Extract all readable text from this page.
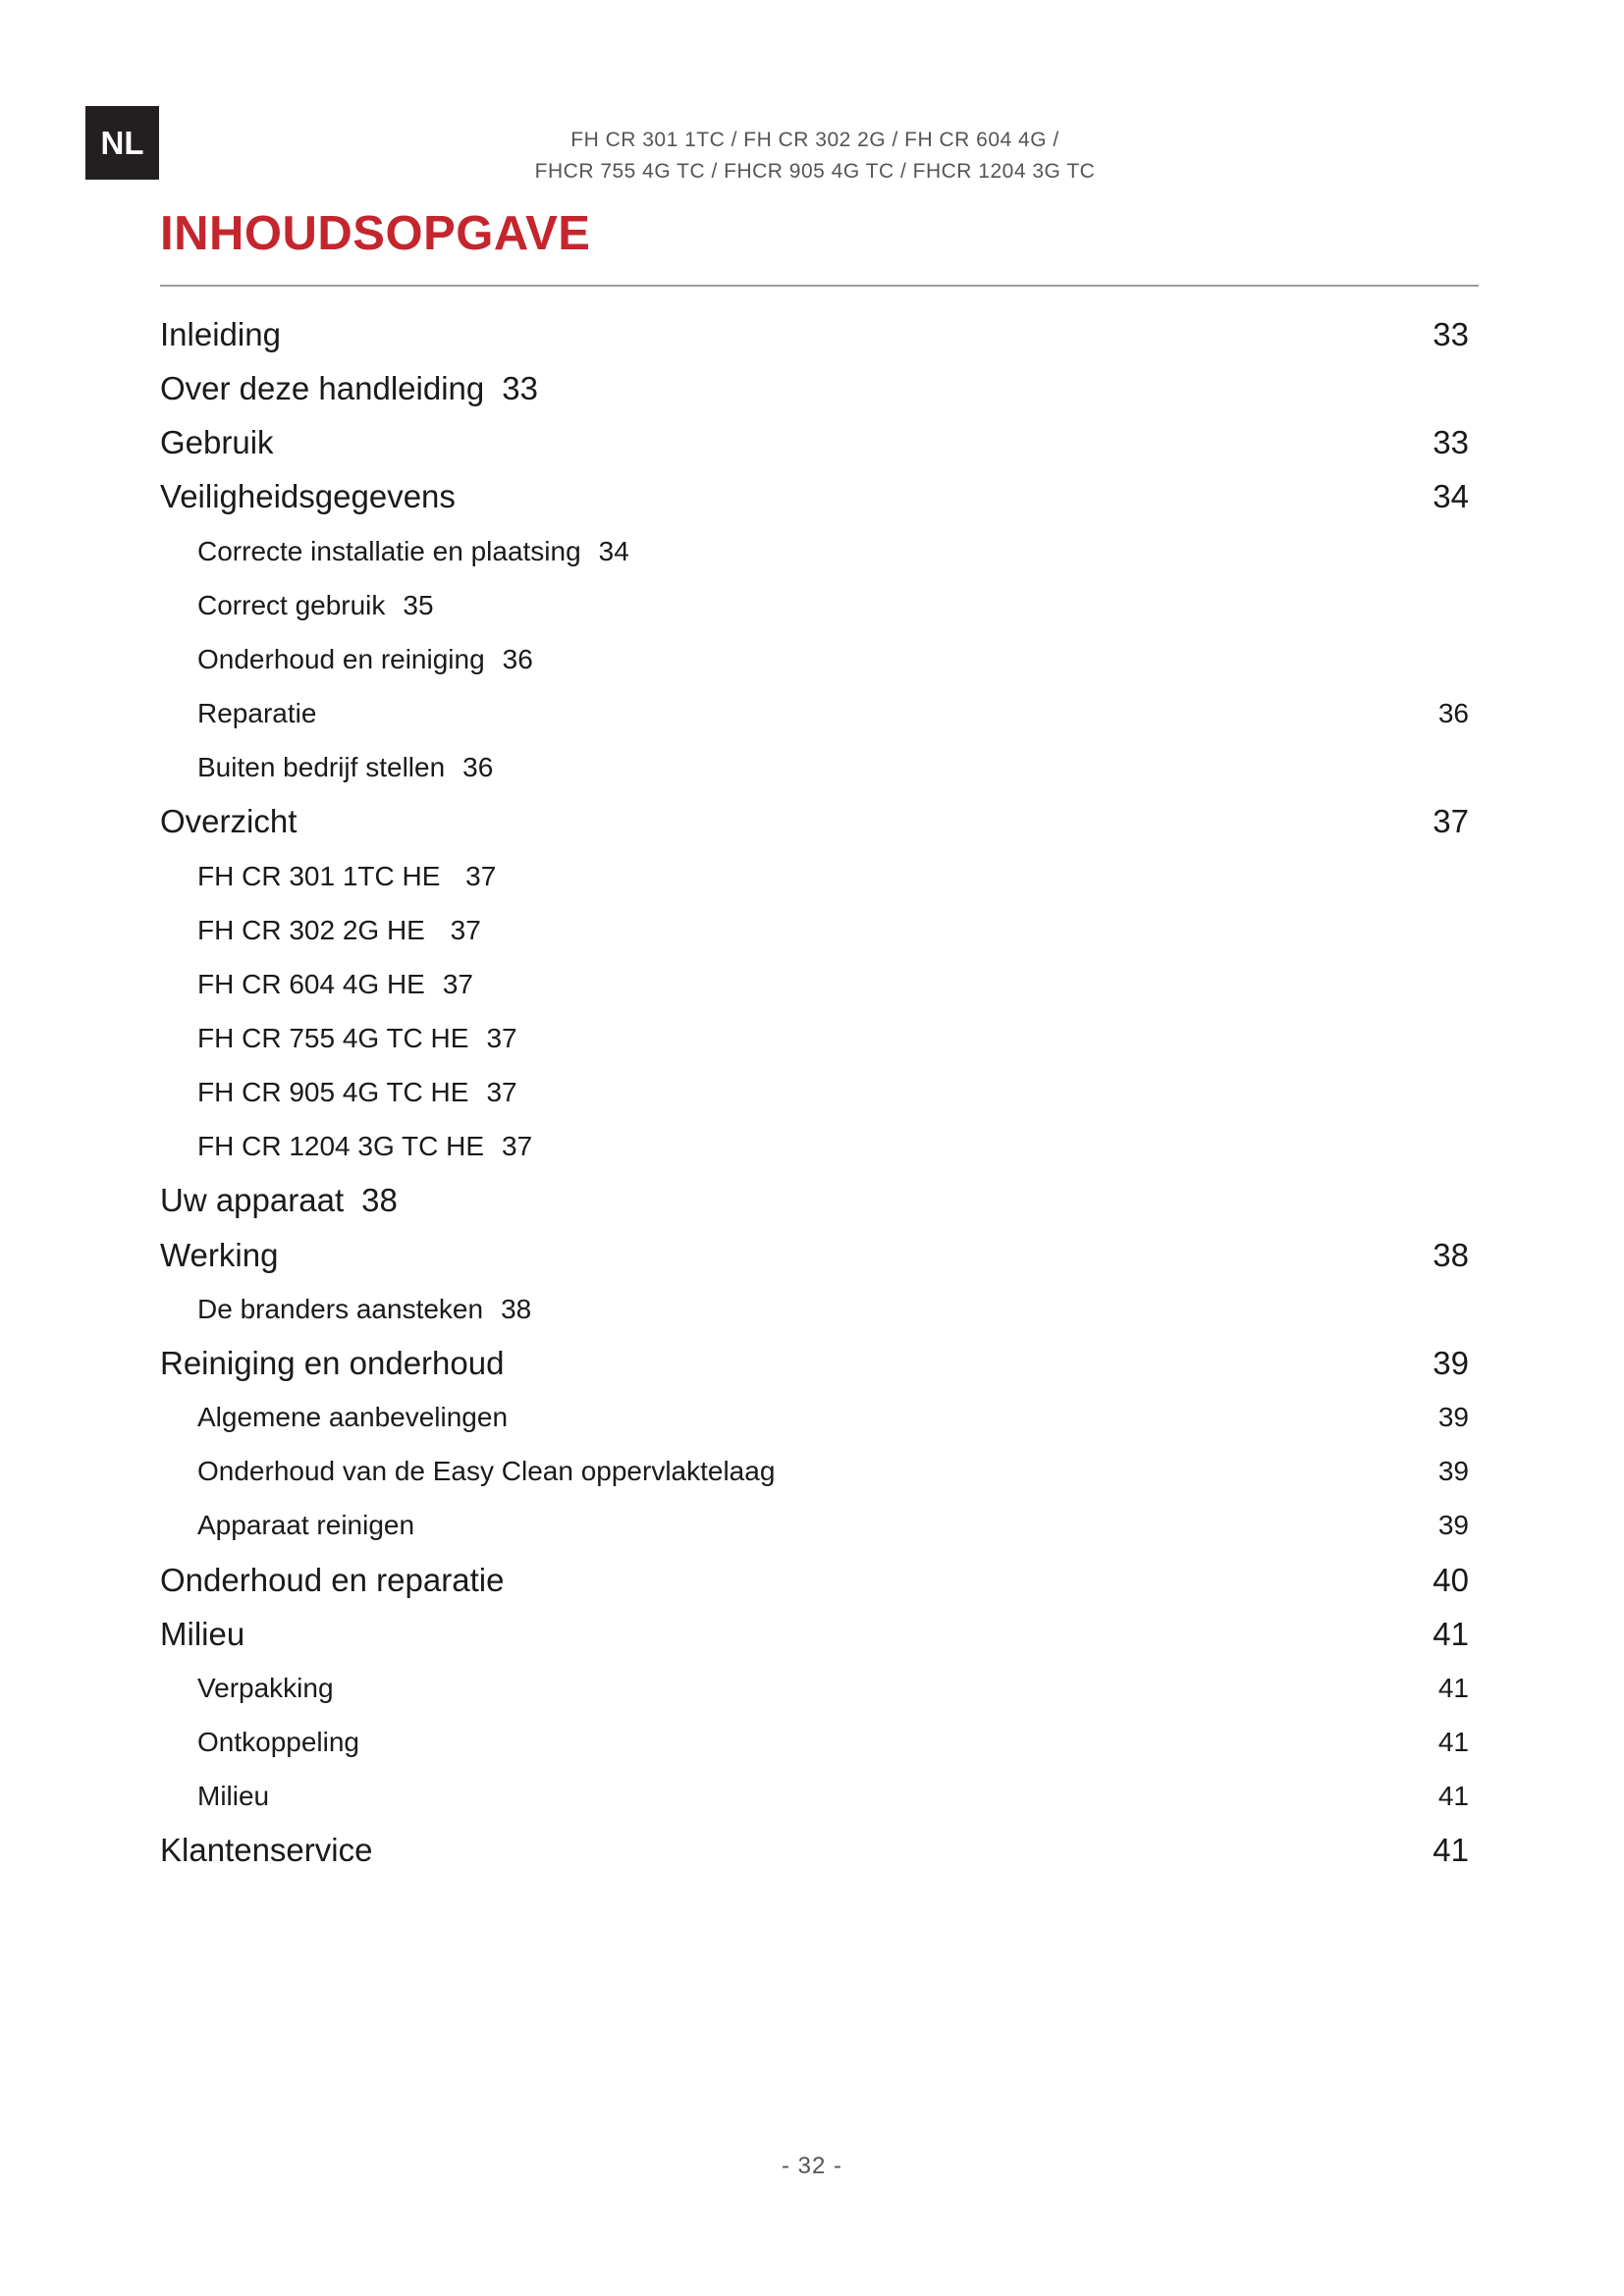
NL	FH CR 301 1TC / FH CR 302 2G / FH CR 604 4G /
FHCR 755 4G TC / FHCR 905 4G TC / FHCR 1204 3G TC
INHOUDSOPGAVE
Inleiding	33
Over deze handleiding 33
Gebruik	33
Veiligheidsgegevens	34
Correcte installatie en plaatsing 34
Correct gebruik 35
Onderhoud en reiniging 36
Reparatie	36
Buiten bedrijf stellen 36
Overzicht	37
FH CR 301 1TC HE 37
FH CR 302 2G HE 37
FH CR 604 4G HE 37
FH CR 755 4G TC HE 37
FH CR 905 4G TC HE 37
FH CR 1204 3G TC HE 37
Uw apparaat 38
Werking	38
De branders aansteken 38
Reiniging en onderhoud	39
Algemene aanbevelingen	39
Onderhoud van de Easy Clean oppervlaktelaag	39
Apparaat reinigen	39
Onderhoud en reparatie	40
Milieu	41
Verpakking	41
Ontkoppeling	41
Milieu	41
Klantenservice	41
- 32 -
